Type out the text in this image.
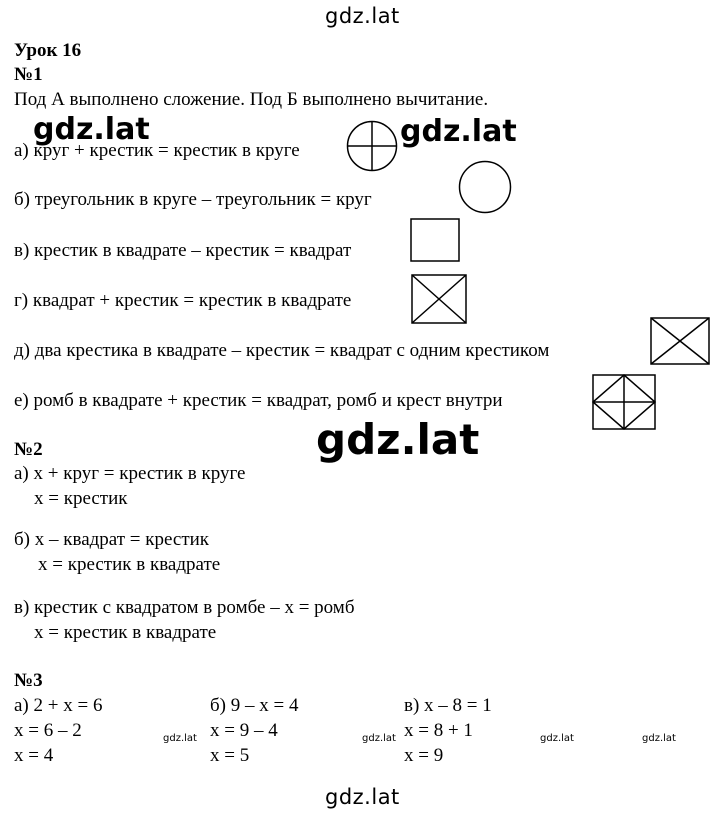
gdz.lat
gdz.lat	gdz.lat
gdz.lat
gdz.lat	gdz.lat	gdz.lat	gdz.lat
gdz.lat
Урок 16
№1
Под А выполнено сложение. Под Б выполнено вычитание.
а) круг + крестик = крестик в круге
б) треугольник в круге – треугольник = круг
в) крестик в квадрате – крестик = квадрат
г) квадрат + крестик = крестик в квадрате
д) два крестика в квадрате – крестик = квадрат с одним крестиком
е) ромб в квадрате + крестик = квадрат, ромб и крест внутри
№2
а) x + круг = крестик в круге
x = крестик
б) x – квадрат = крестик
x = крестик в квадрате
в) крестик с квадратом в ромбе – x = ромб
x = крестик в квадрате
№3
а) 2 + x = 6
x = 6 – 2
x = 4
б) 9 – x = 4
x = 9 – 4
x = 5
в) x – 8 = 1
x = 8 + 1
x = 9
